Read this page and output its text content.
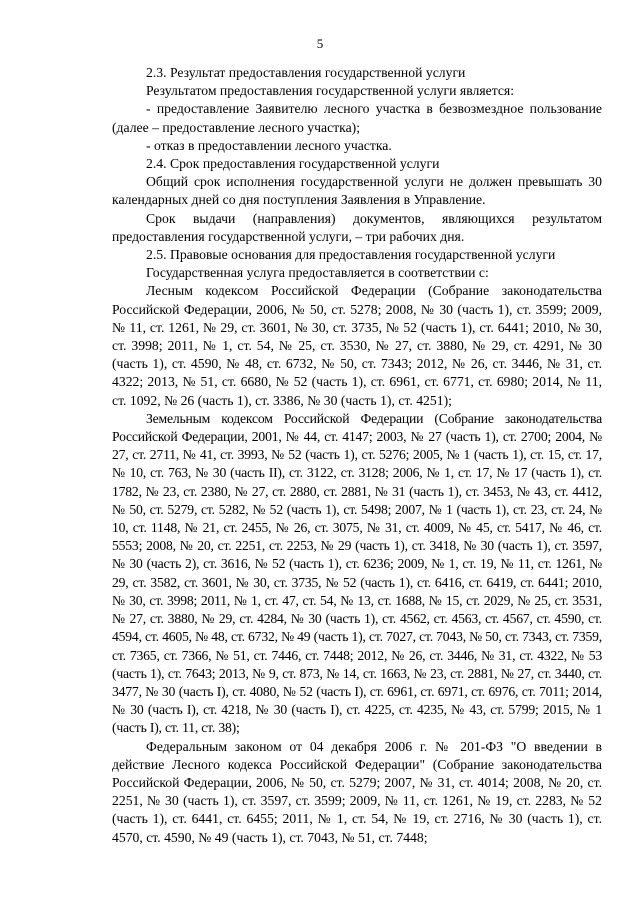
5

2.3. Результат предоставления государственной услуги

Результатом предоставления государственной услуги является:

- предоставление Заявителю лесного участка в безвозмездное пользование (далее – предоставление лесного участка);

- отказ в предоставлении лесного участка.

2.4. Срок предоставления государственной услуги

Общий срок исполнения государственной услуги не должен превышать 30 календарных дней со дня поступления Заявления в Управление.

Срок выдачи (направления) документов, являющихся результатом предоставления государственной услуги, – три рабочих дня.

2.5. Правовые основания для предоставления государственной услуги

Государственная услуга предоставляется в соответствии с:

Лесным кодексом Российской Федерации (Собрание законодательства Российской Федерации, 2006, № 50, ст. 5278; 2008, № 30 (часть 1), ст. 3599; 2009, № 11, ст. 1261, № 29, ст. 3601, № 30, ст. 3735, № 52 (часть 1), ст. 6441; 2010, № 30, ст. 3998; 2011, № 1, ст. 54, № 25, ст. 3530, № 27, ст. 3880, № 29, ст. 4291, № 30 (часть 1), ст. 4590, № 48, ст. 6732, № 50, ст. 7343; 2012, № 26, ст. 3446, № 31, ст. 4322; 2013, № 51, ст. 6680, № 52 (часть 1), ст. 6961, ст. 6771, ст. 6980; 2014, № 11, ст. 1092, № 26 (часть 1), ст. 3386, № 30 (часть 1), ст. 4251);

Земельным кодексом Российской Федерации (Собрание законодательства Российской Федерации, 2001, № 44, ст. 4147; 2003, № 27 (часть 1), ст. 2700; 2004, № 27, ст. 2711, № 41, ст. 3993, № 52 (часть 1), ст. 5276; 2005, № 1 (часть 1), ст. 15, ст. 17, № 10, ст. 763, № 30 (часть II), ст. 3122, ст. 3128; 2006, № 1, ст. 17, № 17 (часть 1), ст. 1782, № 23, ст. 2380, № 27, ст. 2880, ст. 2881, № 31 (часть 1), ст. 3453, № 43, ст. 4412, № 50, ст. 5279, ст. 5282, № 52 (часть 1), ст. 5498; 2007, № 1 (часть 1), ст. 23, ст. 24, № 10, ст. 1148, № 21, ст. 2455, № 26, ст. 3075, № 31, ст. 4009, № 45, ст. 5417, № 46, ст. 5553; 2008, № 20, ст. 2251, ст. 2253, № 29 (часть 1), ст. 3418, № 30 (часть 1), ст. 3597, № 30 (часть 2), ст. 3616, № 52 (часть 1), ст. 6236; 2009, № 1, ст. 19, № 11, ст. 1261, № 29, ст. 3582, ст. 3601, № 30, ст. 3735, № 52 (часть 1), ст. 6416, ст. 6419, ст. 6441; 2010, № 30, ст. 3998; 2011, № 1, ст. 47, ст. 54, № 13, ст. 1688, № 15, ст. 2029, № 25, ст. 3531, № 27, ст. 3880, № 29, ст. 4284, № 30 (часть 1), ст. 4562, ст. 4563, ст. 4567, ст. 4590, ст. 4594, ст. 4605, № 48, ст. 6732, № 49 (часть 1), ст. 7027, ст. 7043, № 50, ст. 7343, ст. 7359, ст. 7365, ст. 7366, № 51, ст. 7446, ст. 7448; 2012, № 26, ст. 3446, № 31, ст. 4322, № 53 (часть 1), ст. 7643; 2013, № 9, ст. 873, № 14, ст. 1663, № 23, ст. 2881, № 27, ст. 3440, ст. 3477, № 30 (часть I), ст. 4080, № 52 (часть I), ст. 6961, ст. 6971, ст. 6976, ст. 7011; 2014, № 30 (часть I), ст. 4218, № 30 (часть I), ст. 4225, ст. 4235, № 43, ст. 5799; 2015, № 1 (часть I), ст. 11, ст. 38);

Федеральным законом от 04 декабря 2006 г. № 201-ФЗ "О введении в действие Лесного кодекса Российской Федерации" (Собрание законодательства Российской Федерации, 2006, № 50, ст. 5279; 2007, № 31, ст. 4014; 2008, № 20, ст. 2251, № 30 (часть 1), ст. 3597, ст. 3599; 2009, № 11, ст. 1261, № 19, ст. 2283, № 52 (часть 1), ст. 6441, ст. 6455; 2011, № 1, ст. 54, № 19, ст. 2716, № 30 (часть 1), ст. 4570, ст. 4590, № 49 (часть 1), ст. 7043, № 51, ст. 7448;
